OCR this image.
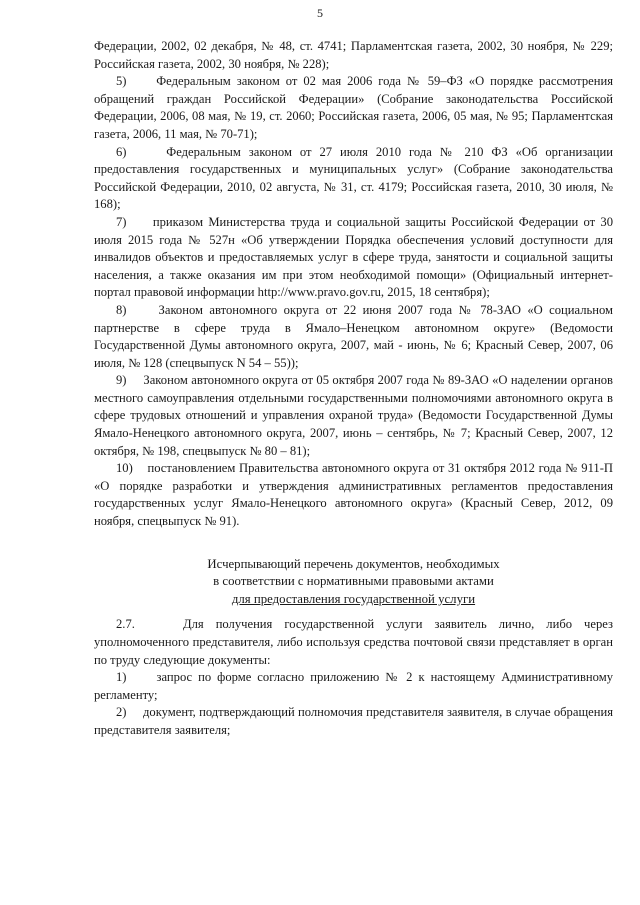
5

Федерации, 2002, 02 декабря, № 48, ст. 4741; Парламентская газета, 2002, 30 ноября, № 229; Российская газета, 2002, 30 ноября, № 228);

5)     Федеральным законом от 02 мая 2006 года № 59–ФЗ «О порядке рассмотрения обращений граждан Российской Федерации» (Собрание законодательства Российской Федерации, 2006, 08 мая, № 19, ст. 2060; Российская газета, 2006, 05 мая, № 95; Парламентская газета, 2006, 11 мая, № 70-71);

6)     Федеральным законом от 27 июля 2010 года № 210 ФЗ «Об организации предоставления государственных и муниципальных услуг» (Собрание законодательства Российской Федерации, 2010, 02 августа, № 31, ст. 4179; Российская газета, 2010, 30 июля, № 168);

7)     приказом Министерства труда и социальной защиты Российской Федерации от 30 июля 2015 года № 527н «Об утверждении Порядка обеспечения условий доступности для инвалидов объектов и предоставляемых услуг в сфере труда, занятости и социальной защиты населения, а также оказания им при этом необходимой помощи» (Официальный интернет-портал правовой информации http://www.pravo.gov.ru, 2015, 18 сентября);

8)     Законом автономного округа от 22 июня 2007 года № 78-ЗАО «О социальном партнерстве в сфере труда в Ямало–Ненецком автономном округе» (Ведомости Государственной Думы автономного округа, 2007, май - июнь, № 6; Красный Север, 2007, 06 июля, № 128 (спецвыпуск N 54 – 55));

9)     Законом автономного округа от 05 октября 2007 года № 89-ЗАО «О наделении органов местного самоуправления отдельными государственными полномочиями автономного округа в сфере трудовых отношений и управления охраной труда» (Ведомости Государственной Думы Ямало-Ненецкого автономного округа, 2007, июнь – сентябрь, № 7; Красный Север, 2007, 12 октября, № 198, спецвыпуск № 80 – 81);

10)    постановлением Правительства автономного округа от 31 октября 2012 года № 911-П «О порядке разработки и утверждения административных регламентов предоставления государственных услуг Ямало-Ненецкого автономного округа» (Красный Север, 2012, 09 ноября, спецвыпуск № 91).

Исчерпывающий перечень документов, необходимых
в соответствии с нормативными правовыми актами
для предоставления государственной услуги

2.7.    Для получения государственной услуги заявитель лично, либо через уполномоченного представителя, либо используя средства почтовой связи представляет в орган по труду следующие документы:

1)     запрос по форме согласно приложению № 2 к настоящему Административному регламенту;

2)     документ, подтверждающий полномочия представителя заявителя, в случае обращения представителя заявителя;
